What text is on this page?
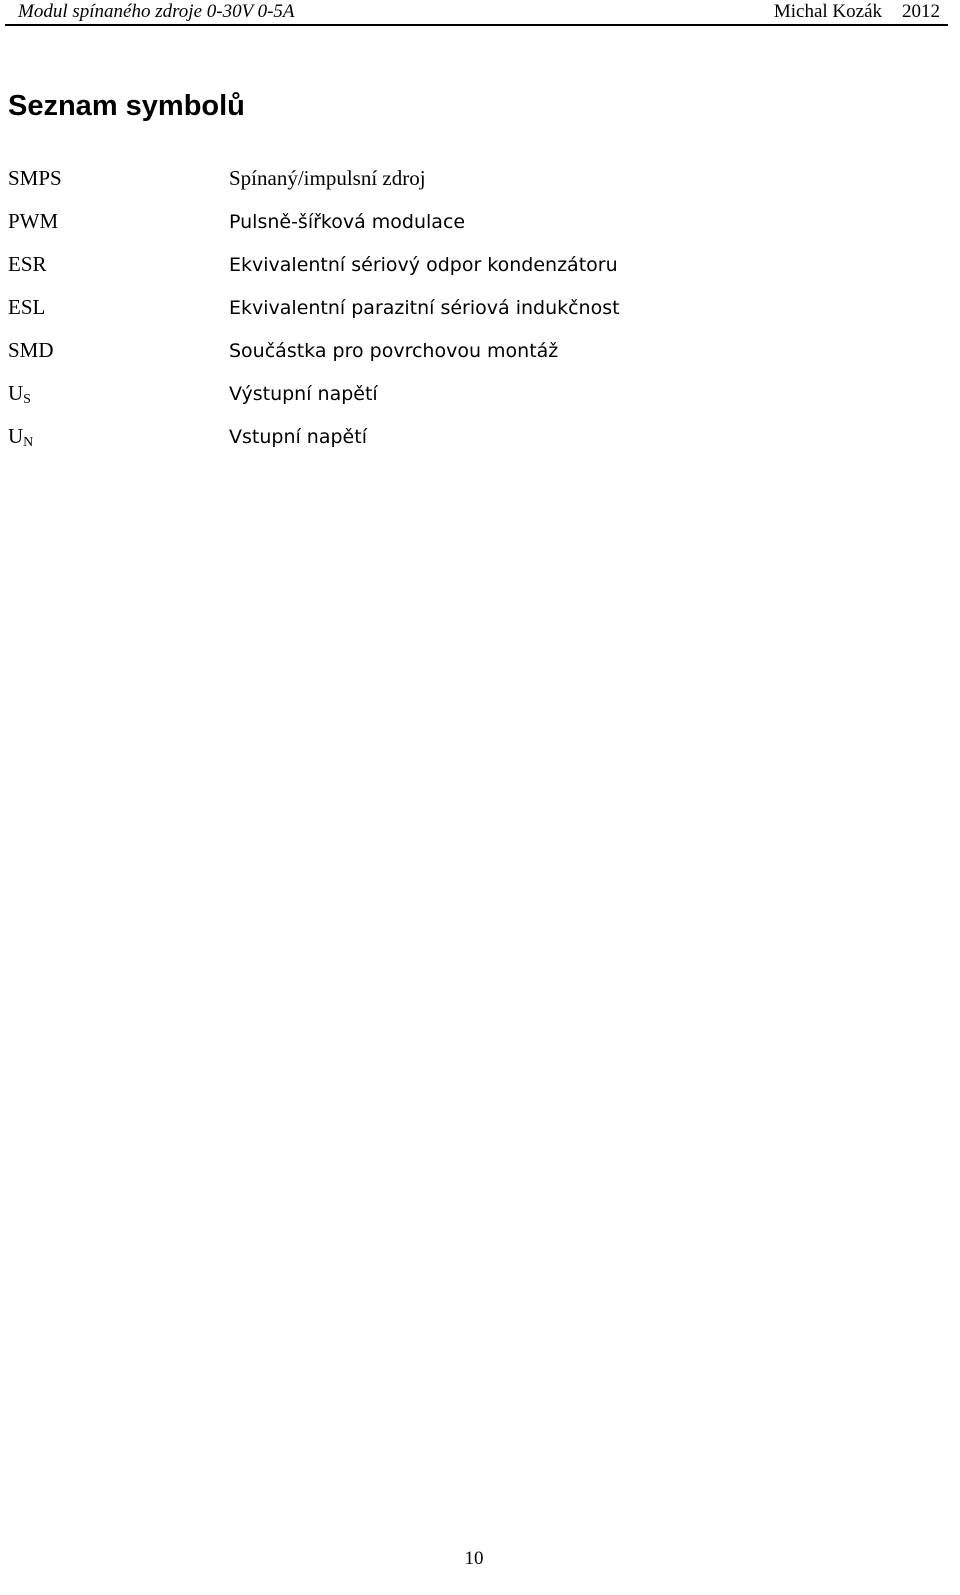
Modul spínaného zdroje 0-30V 0-5A	Michal Kozák 2012
Seznam symbolů
SMPS	Spínaný/impulsní zdroj
PWM	Pulsně-šířková modulace
ESR	Ekvivalentní sériový odpor kondenzátoru
ESL	Ekvivalentní parazitní sériová indukčnost
SMD	Součástka pro povrchovou montáž
$U_S$	Výstupní napětí
$U_N$	Vstupní napětí
10
